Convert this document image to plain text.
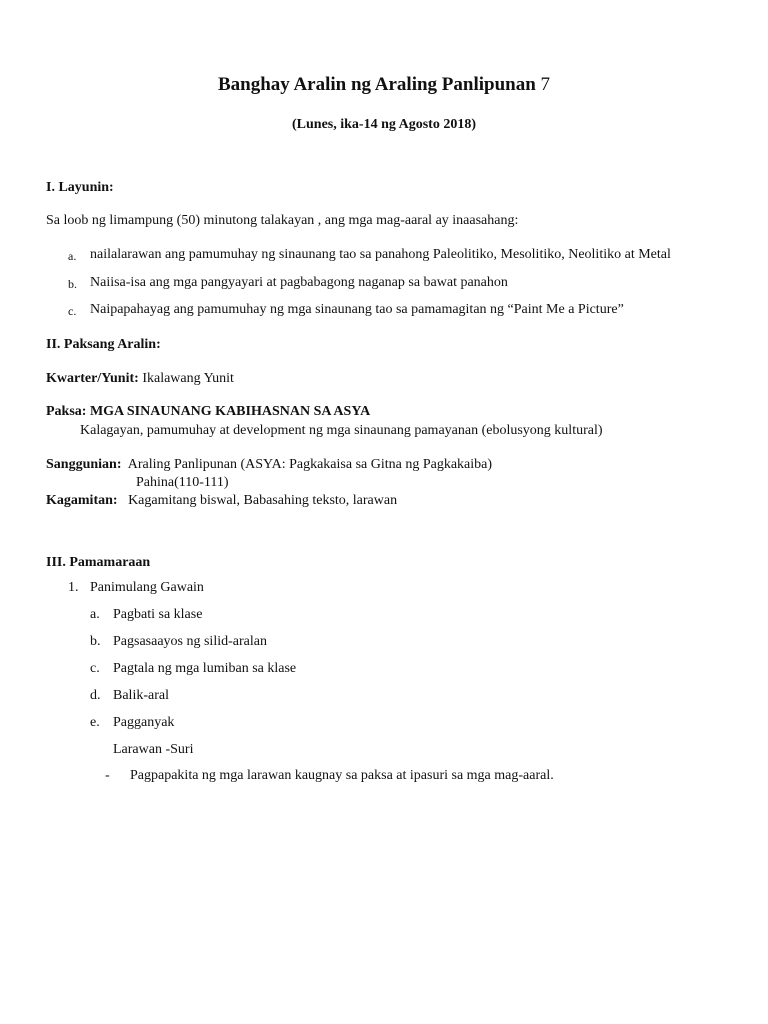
Banghay Aralin ng Araling Panlipunan 7
(Lunes, ika-14 ng Agosto 2018)
I. Layunin:
Sa loob ng limampung (50) minutong talakayan , ang mga mag-aaral ay inaasahang:
a. nailalarawan ang pamumuhay ng sinaunang tao sa panahong Paleolitiko, Mesolitiko, Neolitiko at Metal
b. Naiisa-isa ang mga pangyayari at pagbabagong naganap sa bawat panahon
c. Naipapahayag ang pamumuhay ng mga sinaunang tao sa pamamagitan ng “Paint Me a Picture”
II. Paksang Aralin:
Kwarter/Yunit: Ikalawang Yunit
Paksa: MGA SINAUNANG KABIHASNAN SA ASYA
Kalagayan, pamumuhay at development ng mga sinaunang pamayanan (ebolusyong kultural)
Sanggunian: Araling Panlipunan (ASYA: Pagkakaisa sa Gitna ng Pagkakaiba)
Pahina(110-111)
Kagamitan: Kagamitang biswal, Babasahing teksto, larawan
III. Pamamaraan
1. Panimulang Gawain
a. Pagbati sa klase
b. Pagsasaayos ng silid-aralan
c. Pagtala ng mga lumiban sa klase
d. Balik-aral
e. Pagganyak
Larawan -Suri
- Pagpapakita ng mga larawan kaugnay sa paksa at ipasuri sa mga mag-aaral.
